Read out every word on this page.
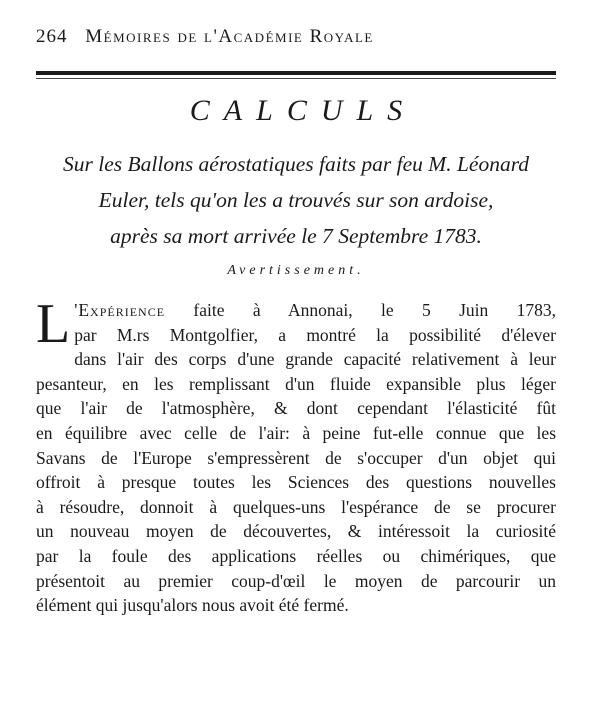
264 Mémoires de l'Académie Royale
CALCULS
Sur les Ballons aérostatiques faits par feu M. Léonard
Euler, tels qu'on les a trouvés sur son ardoise,
après sa mort arrivée le 7 Septembre 1783.
Avertissement.
L 'Expérience faite à Annonai, le 5 Juin 1783,
par M.rs Montgolfier, a montré la possibilité d'élever
dans l'air des corps d'une grande capacité relativement à leur
pesanteur, en les remplissant d'un fluide expansible plus léger
que l'air de l'atmosphère, & dont cependant l'élasticité fût
en équilibre avec celle de l'air: à peine fut-elle connue que les
Savans de l'Europe s'empressèrent de s'occuper d'un objet qui
offroit à presque toutes les Sciences des questions nouvelles
à résoudre, donnoit à quelques-uns l'espérance de se procurer
un nouveau moyen de découvertes, & intéressoit la curiosité
par la foule des applications réelles ou chimériques, que
présentoit au premier coup-d'œil le moyen de parcourir un
élément qui jusqu'alors nous avoit été fermé.
